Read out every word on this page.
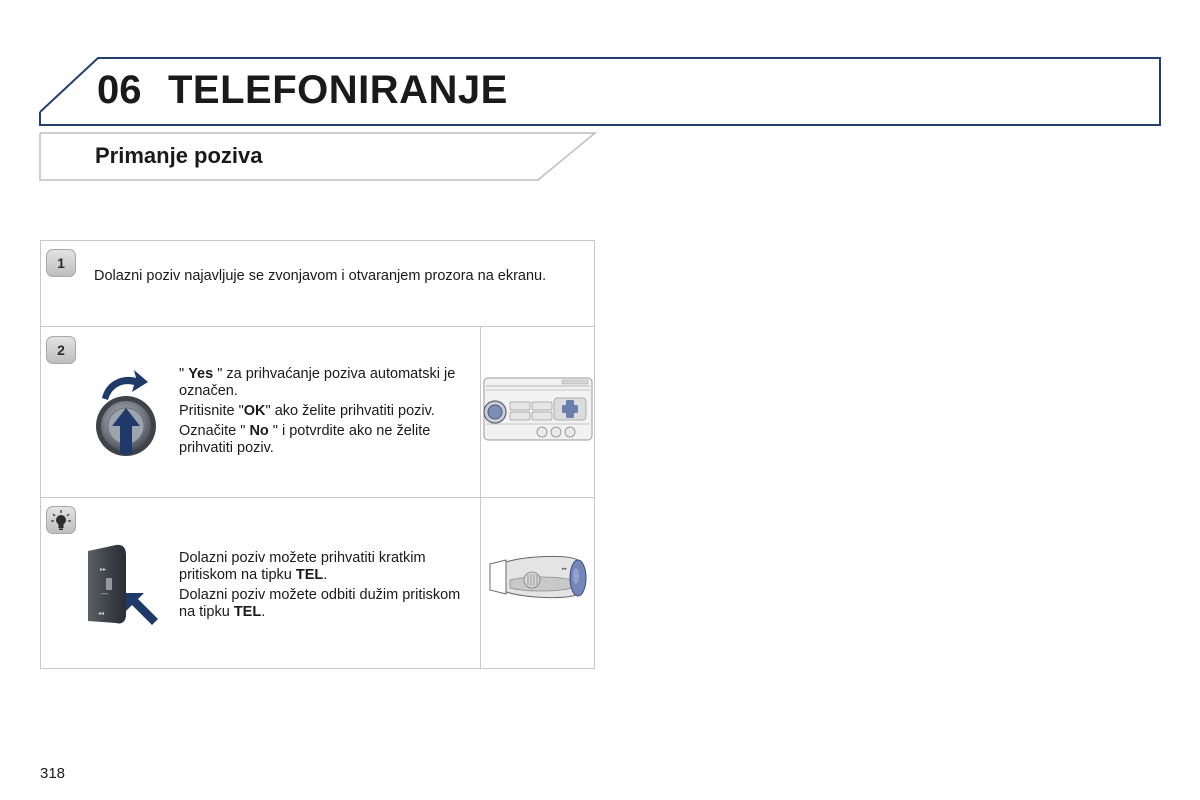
06 TELEFONIRANJE
Primanje poziva
1

Dolazni poziv najavljuje se zvonjavom i otvaranjem prozora na ekranu.

2

" Yes " za prihvaćanje poziva automatski je označen.

Pritisnite "OK" ako želite prihvatiti poziv.

Označite " No " i potvrdite ako ne želite prihvatiti poziv.

▸▸
⌒
◂◂

Dolazni poziv možete prihvatiti kratkim pritiskom na tipku TEL.

Dolazni poziv možete odbiti dužim pritiskom na tipku TEL.

▸▸
318
